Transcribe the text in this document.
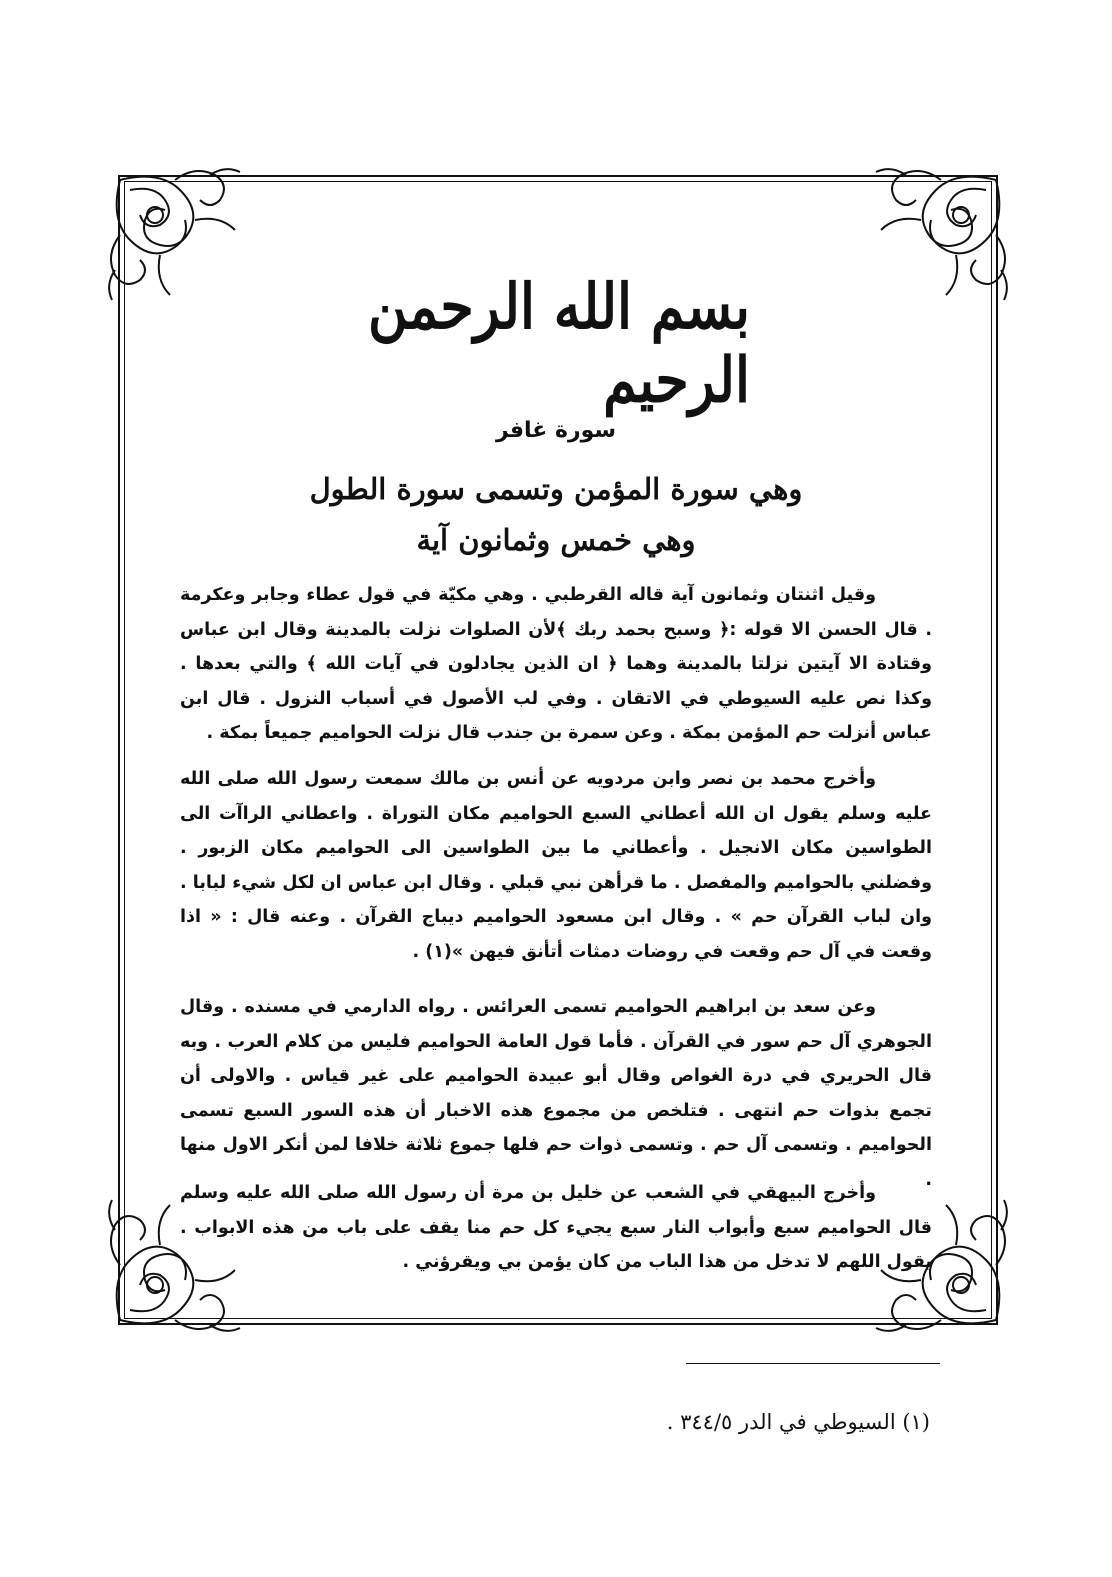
بسم الله الرحمن الرحيم
سورة غافر
وهي سورة المؤمن وتسمى سورة الطول
وهي خمس وثمانون آية

وقيل اثنتان وثمانون آية قاله القرطبي . وهي مكيّة في قول عطاء وجابر وعكرمة . قال الحسن الا قوله :﴿ وسبح بحمد ربك ﴾لأن الصلوات نزلت بالمدينة وقال ابن عباس وقتادة الا آيتين نزلتا بالمدينة وهما ﴿ ان الذين يجادلون في آيات الله ﴾ والتي بعدها . وكذا نص عليه السيوطي في الاتقان . وفي لب الأصول في أسباب النزول . قال ابن عباس أنزلت حم المؤمن بمكة . وعن سمرة بن جندب قال نزلت الحواميم جميعاً بمكة .

وأخرج محمد بن نصر وابن مردويه عن أنس بن مالك سمعت رسول الله صلى الله عليه وسلم يقول ان الله أعطاني السبع الحواميم مكان التوراة . واعطاني الراآت الى الطواسين مكان الانجيل . وأعطاني ما بين الطواسين الى الحواميم مكان الزبور . وفضلني بالحواميم والمفصل . ما قرأهن نبي قبلي . وقال ابن عباس ان لكل شيء لبابا . وان لباب القرآن حم » . وقال ابن مسعود الحواميم ديباج القرآن . وعنه قال : « اذا وقعت في آل حم وقعت في روضات دمثات أتأنق فيهن »(١) .

وعن سعد بن ابراهيم الحواميم تسمى العرائس . رواه الدارمي في مسنده . وقال الجوهري آل حم سور في القرآن . فأما قول العامة الحواميم فليس من كلام العرب . وبه قال الحريري في درة الغواص وقال أبو عبيدة الحواميم على غير قياس . والاولى أن تجمع بذوات حم انتهى . فتلخص من مجموع هذه الاخبار أن هذه السور السبع تسمى الحواميم . وتسمى آل حم . وتسمى ذوات حم فلها جموع ثلاثة خلافا لمن أنكر الاول منها .

وأخرج البيهقي في الشعب عن خليل بن مرة أن رسول الله صلى الله عليه وسلم قال الحواميم سبع وأبواب النار سبع يجيء كل حم منا يقف على باب من هذه الابواب . يقول اللهم لا تدخل من هذا الباب من كان يؤمن بي ويقرؤني .

(١) السيوطي في الدر ٣٤٤/٥ .
